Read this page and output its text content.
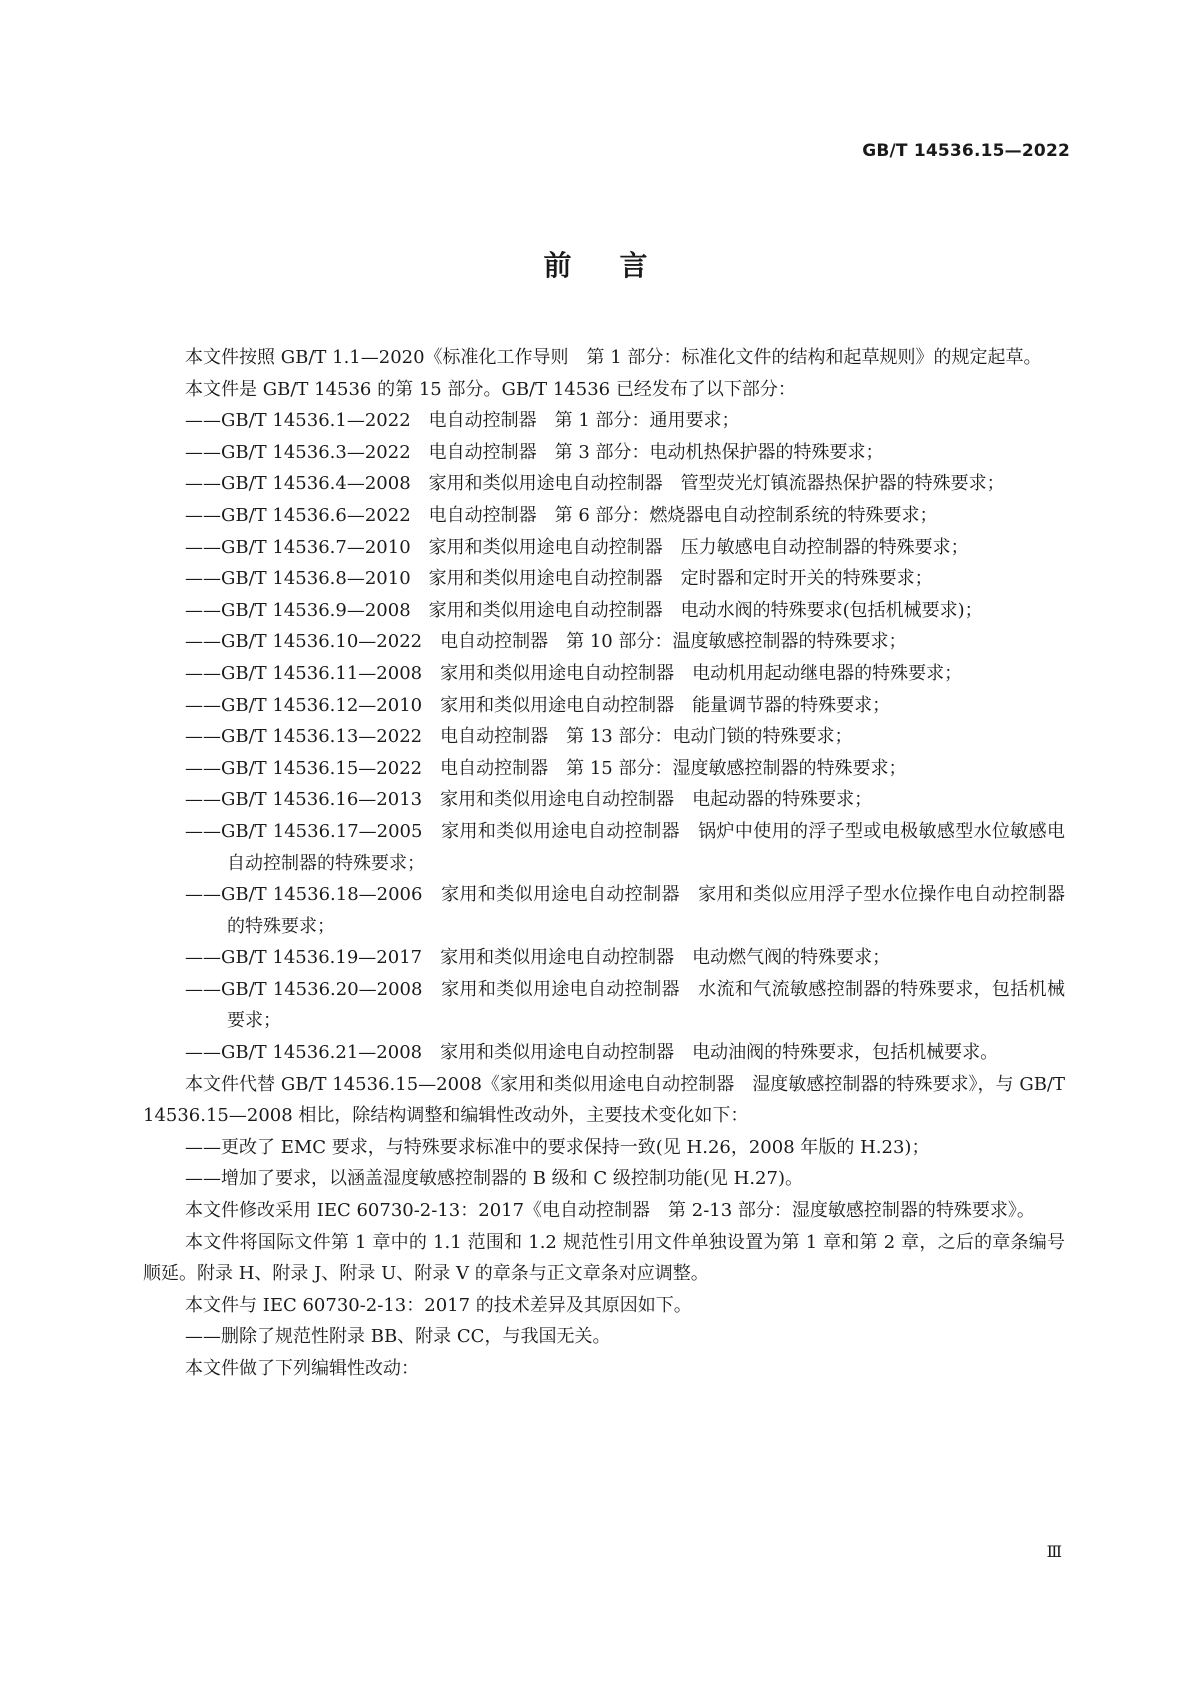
GB/T 14536.15—2022
前言

本文件按照 GB/T 1.1—2020《标准化工作导则　第 1 部分：标准化文件的结构和起草规则》的规定起草。

本文件是 GB/T 14536 的第 15 部分。GB/T 14536 已经发布了以下部分：

——GB/T 14536.1—2022　电自动控制器　第 1 部分：通用要求；

——GB/T 14536.3—2022　电自动控制器　第 3 部分：电动机热保护器的特殊要求；

——GB/T 14536.4—2008　家用和类似用途电自动控制器　管型荧光灯镇流器热保护器的特殊要求；

——GB/T 14536.6—2022　电自动控制器　第 6 部分：燃烧器电自动控制系统的特殊要求；

——GB/T 14536.7—2010　家用和类似用途电自动控制器　压力敏感电自动控制器的特殊要求；

——GB/T 14536.8—2010　家用和类似用途电自动控制器　定时器和定时开关的特殊要求；

——GB/T 14536.9—2008　家用和类似用途电自动控制器　电动水阀的特殊要求(包括机械要求)；

——GB/T 14536.10—2022　电自动控制器　第 10 部分：温度敏感控制器的特殊要求；

——GB/T 14536.11—2008　家用和类似用途电自动控制器　电动机用起动继电器的特殊要求；

——GB/T 14536.12—2010　家用和类似用途电自动控制器　能量调节器的特殊要求；

——GB/T 14536.13—2022　电自动控制器　第 13 部分：电动门锁的特殊要求；

——GB/T 14536.15—2022　电自动控制器　第 15 部分：湿度敏感控制器的特殊要求；

——GB/T 14536.16—2013　家用和类似用途电自动控制器　电起动器的特殊要求；

——GB/T 14536.17—2005　家用和类似用途电自动控制器　锅炉中使用的浮子型或电极敏感型水位敏感电自动控制器的特殊要求；

——GB/T 14536.18—2006　家用和类似用途电自动控制器　家用和类似应用浮子型水位操作电自动控制器的特殊要求；

——GB/T 14536.19—2017　家用和类似用途电自动控制器　电动燃气阀的特殊要求；

——GB/T 14536.20—2008　家用和类似用途电自动控制器　水流和气流敏感控制器的特殊要求，包括机械要求；

——GB/T 14536.21—2008　家用和类似用途电自动控制器　电动油阀的特殊要求，包括机械要求。

本文件代替 GB/T 14536.15—2008《家用和类似用途电自动控制器　湿度敏感控制器的特殊要求》，与 GB/T 14536.15—2008 相比，除结构调整和编辑性改动外，主要技术变化如下：

——更改了 EMC 要求，与特殊要求标准中的要求保持一致(见 H.26，2008 年版的 H.23)；

——增加了要求，以涵盖湿度敏感控制器的 B 级和 C 级控制功能(见 H.27)。

本文件修改采用 IEC 60730-2-13：2017《电自动控制器　第 2-13 部分：湿度敏感控制器的特殊要求》。

本文件将国际文件第 1 章中的 1.1 范围和 1.2 规范性引用文件单独设置为第 1 章和第 2 章，之后的章条编号顺延。附录 H、附录 J、附录 U、附录 V 的章条与正文章条对应调整。

本文件与 IEC 60730-2-13：2017 的技术差异及其原因如下。

——删除了规范性附录 BB、附录 CC，与我国无关。

本文件做了下列编辑性改动：

Ⅲ
